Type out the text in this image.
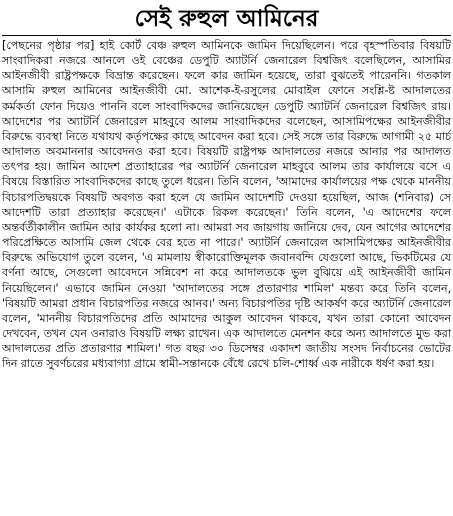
সেই রুহুল আমিনের
[পেছনের পৃষ্ঠার পর] হাই কোর্ট বেঞ্চ রুহুল আমিনকে জামিন দিয়েছিলেন। পরে বৃহস্পতিবার বিষয়টি সাংবাদিকরা নজরে আনলে ওই বেঞ্চের ডেপুটি অ্যাটর্নি জেনারেল বিশ্বজিৎ বলেছিলেন, আসামির আইনজীবী রাষ্ট্রপক্ষকে বিভ্রান্ত করেছেন। ফলে কার জামিন হয়েছে, তারা বুঝতেই পারেননি। গতকাল আসামি রুহুল আমিনের আইনজীবী মো. আশেক-ই-রসুলের মোবাইল ফোনে সংশ্লি-ষ্ট আদালতের কর্মকর্তা ফোন দিয়েও পাননি বলে সাংবাদিকদের জানিয়েছেন ডেপুটি অ্যাটর্নি জেনারেল বিশ্বজিৎ রায়। আদেশের পর অ্যাটর্নি জেনারেল মাহবুবে আলম সাংবাদিকদের বলেছেন, আসামিপক্ষের আইনজীবীর বিরুদ্ধে ব্যবস্থা নিতে যথাযথ কর্তৃপক্ষের কাছে আবেদন করা হবে। সেই সঙ্গে তার বিরুদ্ধে আগামী ২৫ মার্চ আদালত অবমাননার আবেদনও করা হবে। বিষয়টি রাষ্ট্রপক্ষ আদালতের নজরে আনার পর আদালত তৎপর হয়। জামিন আদেশ প্রত্যাহারের পর অ্যাটর্নি জেনারেল মাহবুবে আলম তার কার্যালয়ে বসে এ বিষয়ে বিস্তারিত সাংবাদিকদের কাছে তুলে ধরেন। তিনি বলেন, 'আমাদের কার্যালয়ের পক্ষ থেকে মাননীয় বিচারপতিদ্বয়কে বিষয়টি অবগত করা হলে যে জামিন আদেশটি দেওয়া হয়েছিল, আজ (শনিবার) সে আদেশটি তারা প্রত্যাহার করেছেন।' এটাকে রিকল করেছেন।' তিনি বলেন, 'এ আদেশের ফলে অন্তর্বর্তীকালীন জামিন আর কার্যকর হলো না। আমরা সব জায়গায় জানিয়ে দেব, যেন আগের আদেশের পরিপ্রেক্ষিতে আসামি জেল থেকে বের হতে না পারে।' অ্যাটর্নি জেনারেল আসামিপক্ষের আইনজীবীর বিরুদ্ধে অভিযোগ তুলে বলেন, 'এ মামলায় স্বীকারোক্তিমূলক জবানবন্দি যেগুলো আছে, ভিকটিমের যে বর্ণনা আছে, সেগুলো আবেদনে সন্নিবেশ না করে আদালতকে ভুল বুঝিয়ে এই আইনজীবী জামিন নিয়েছিলেন।' এভাবে জামিন নেওয়া 'আদালতের সঙ্গে প্রতারণার শামিল' মন্তব্য করে তিনি বলেন, 'বিষয়টি আমরা প্রধান বিচারপতির নজরে আনব।' অন্য বিচারপতির দৃষ্টি আকর্ষণ করে অ্যাটর্নি জেনারেল বলেন, 'মাননীয় বিচারপতিদের প্রতি আমাদের আকুল আবেদন থাকবে, যখন তারা কোনো আবেদন দেখবেন, তখন যেন ওনারাও বিষয়টি লক্ষ্য রাখেন। এক আদালতে মেনশন করে অন্য আদালতে মুভ করা আদালতের প্রতি প্রতারণার শামিল।' গত বছর ৩০ ডিসেম্বর একাদশ জাতীয় সংসদ নির্বাচনের ভোটের দিন রাতে সুবর্ণচরের মধ্যবাগ্যা গ্রামে স্বামী-সন্তানকে বেঁধে রেখে চলি-শোর্ধ্ব এক নারীকে ধর্ষণ করা হয়।
